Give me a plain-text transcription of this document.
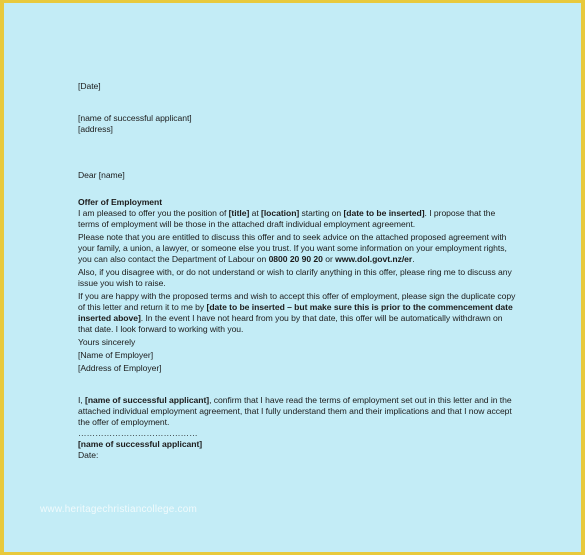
[Date]

[name of successful applicant]

[address]

Dear [name]

Offer of Employment

I am pleased to offer you the position of [title] at [location] starting on [date to be inserted]. I propose that the terms of employment will be those in the attached draft individual employment agreement.

Please note that you are entitled to discuss this offer and to seek advice on the attached proposed agreement with your family, a union, a lawyer, or someone else you trust. If you want some information on your employment rights, you can also contact the Department of Labour on 0800 20 90 20 or www.dol.govt.nz/er.

Also, if you disagree with, or do not understand or wish to clarify anything in this offer, please ring me to discuss any issue you wish to raise.

If you are happy with the proposed terms and wish to accept this offer of employment, please sign the duplicate copy of this letter and return it to me by [date to be inserted – but make sure this is prior to the commencement date inserted above]. In the event I have not heard from you by that date, this offer will be automatically withdrawn on that date. I look forward to working with you.

Yours sincerely

[Name of Employer]

[Address of Employer]

I, [name of successful applicant], confirm that I have read the terms of employment set out in this letter and in the attached individual employment agreement, that I fully understand them and their implications and that I now accept the offer of employment.

……………………………………

[name of successful applicant]

Date:

www.heritagechristiancollege.com
